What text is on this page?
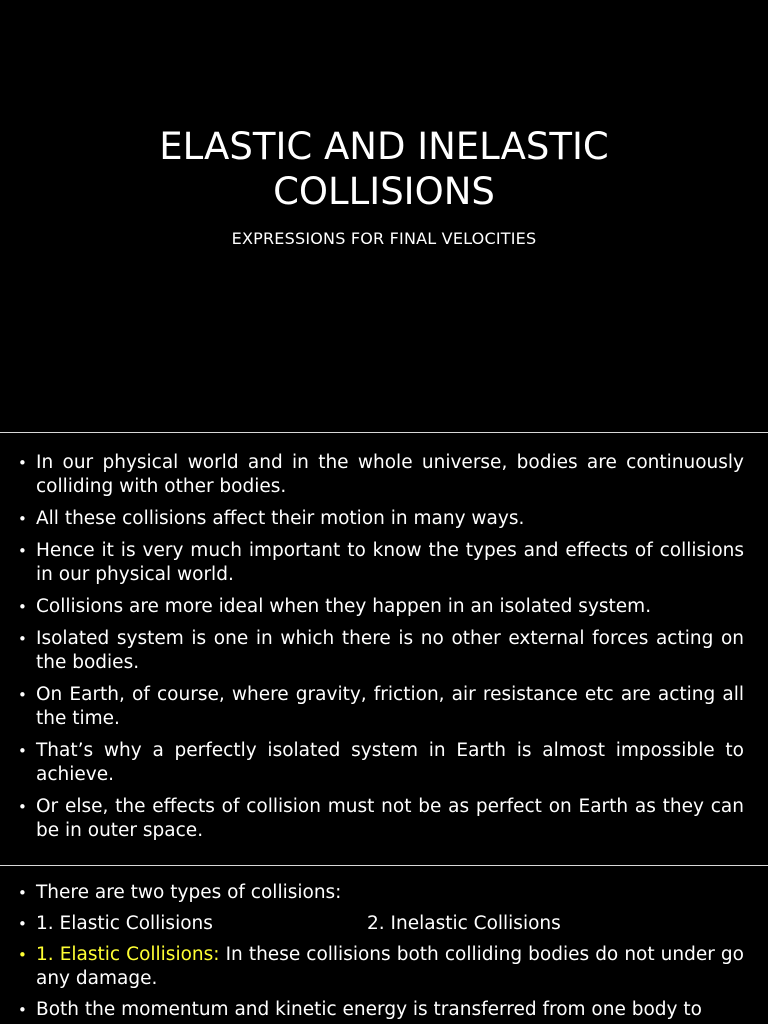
ELASTIC AND INELASTIC
COLLISIONS
EXPRESSIONS FOR FINAL VELOCITIES
• In our physical world and in the whole universe, bodies are continuously colliding with other bodies.
• All these collisions affect their motion in many ways.
• Hence it is very much important to know the types and effects of collisions in our physical world.
• Collisions are more ideal when they happen in an isolated system.
• Isolated system is one in which there is no other external forces acting on the bodies.
• On Earth, of course, where gravity, friction, air resistance etc are acting all the time.
• That’s why a perfectly isolated system in Earth is almost impossible to achieve.
• Or else, the effects of collision must not be as perfect on Earth as they can be in outer space.
• There are two types of collisions:
• 1. Elastic Collisions	2. Inelastic Collisions
• 1. Elastic Collisions: In these collisions both colliding bodies do not under go any damage.
• Both the momentum and kinetic energy is transferred from one body to
